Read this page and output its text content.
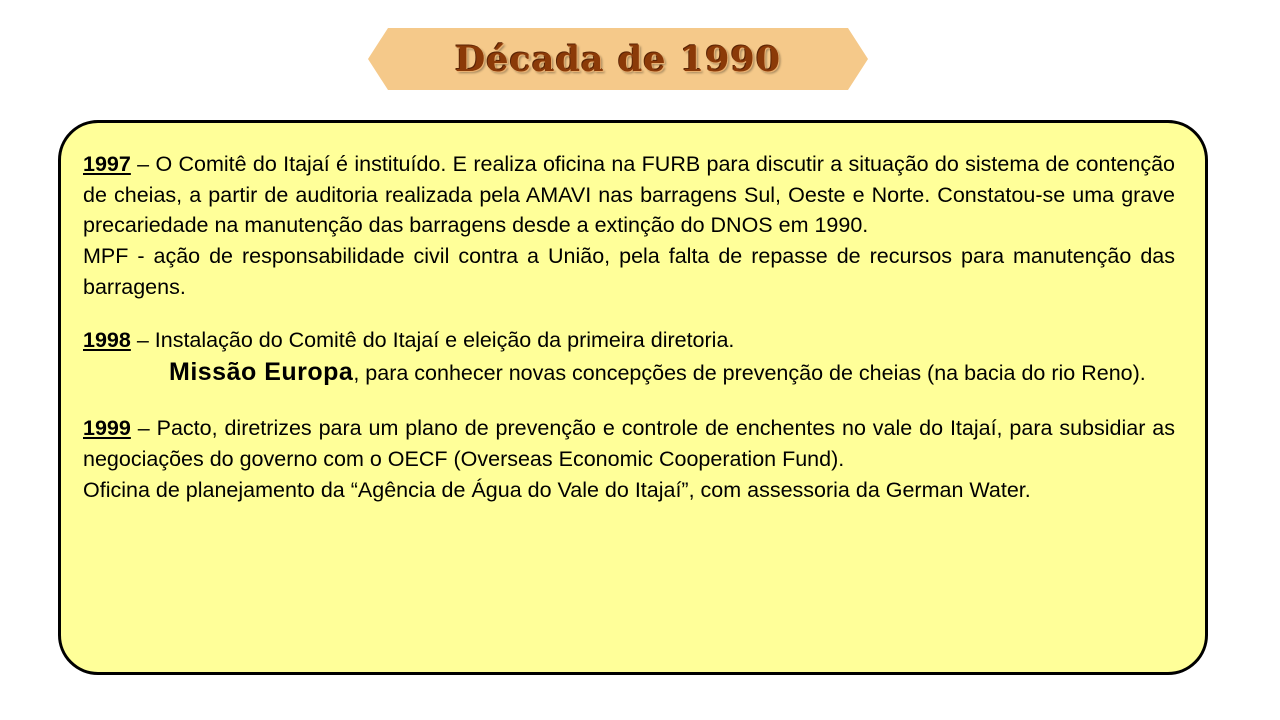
Década de 1990

1997 – O Comitê do Itajaí é instituído. E realiza oficina na FURB para discutir a situação do sistema de contenção de cheias, a partir de auditoria realizada pela AMAVI nas barragens Sul, Oeste e Norte. Constatou-se uma grave precariedade na manutenção das barragens desde a extinção do DNOS em 1990.

MPF - ação de responsabilidade civil contra a União, pela falta de repasse de recursos para manutenção das barragens.

1998 – Instalação do Comitê do Itajaí e eleição da primeira diretoria.

Missão Europa, para conhecer novas concepções de prevenção de cheias (na bacia do rio Reno).

1999 – Pacto, diretrizes para um plano de prevenção e controle de enchentes no vale do Itajaí, para subsidiar as negociações do governo com o OECF (Overseas Economic Cooperation Fund).

Oficina de planejamento da “Agência de Água do Vale do Itajaí”, com assessoria da German Water.
